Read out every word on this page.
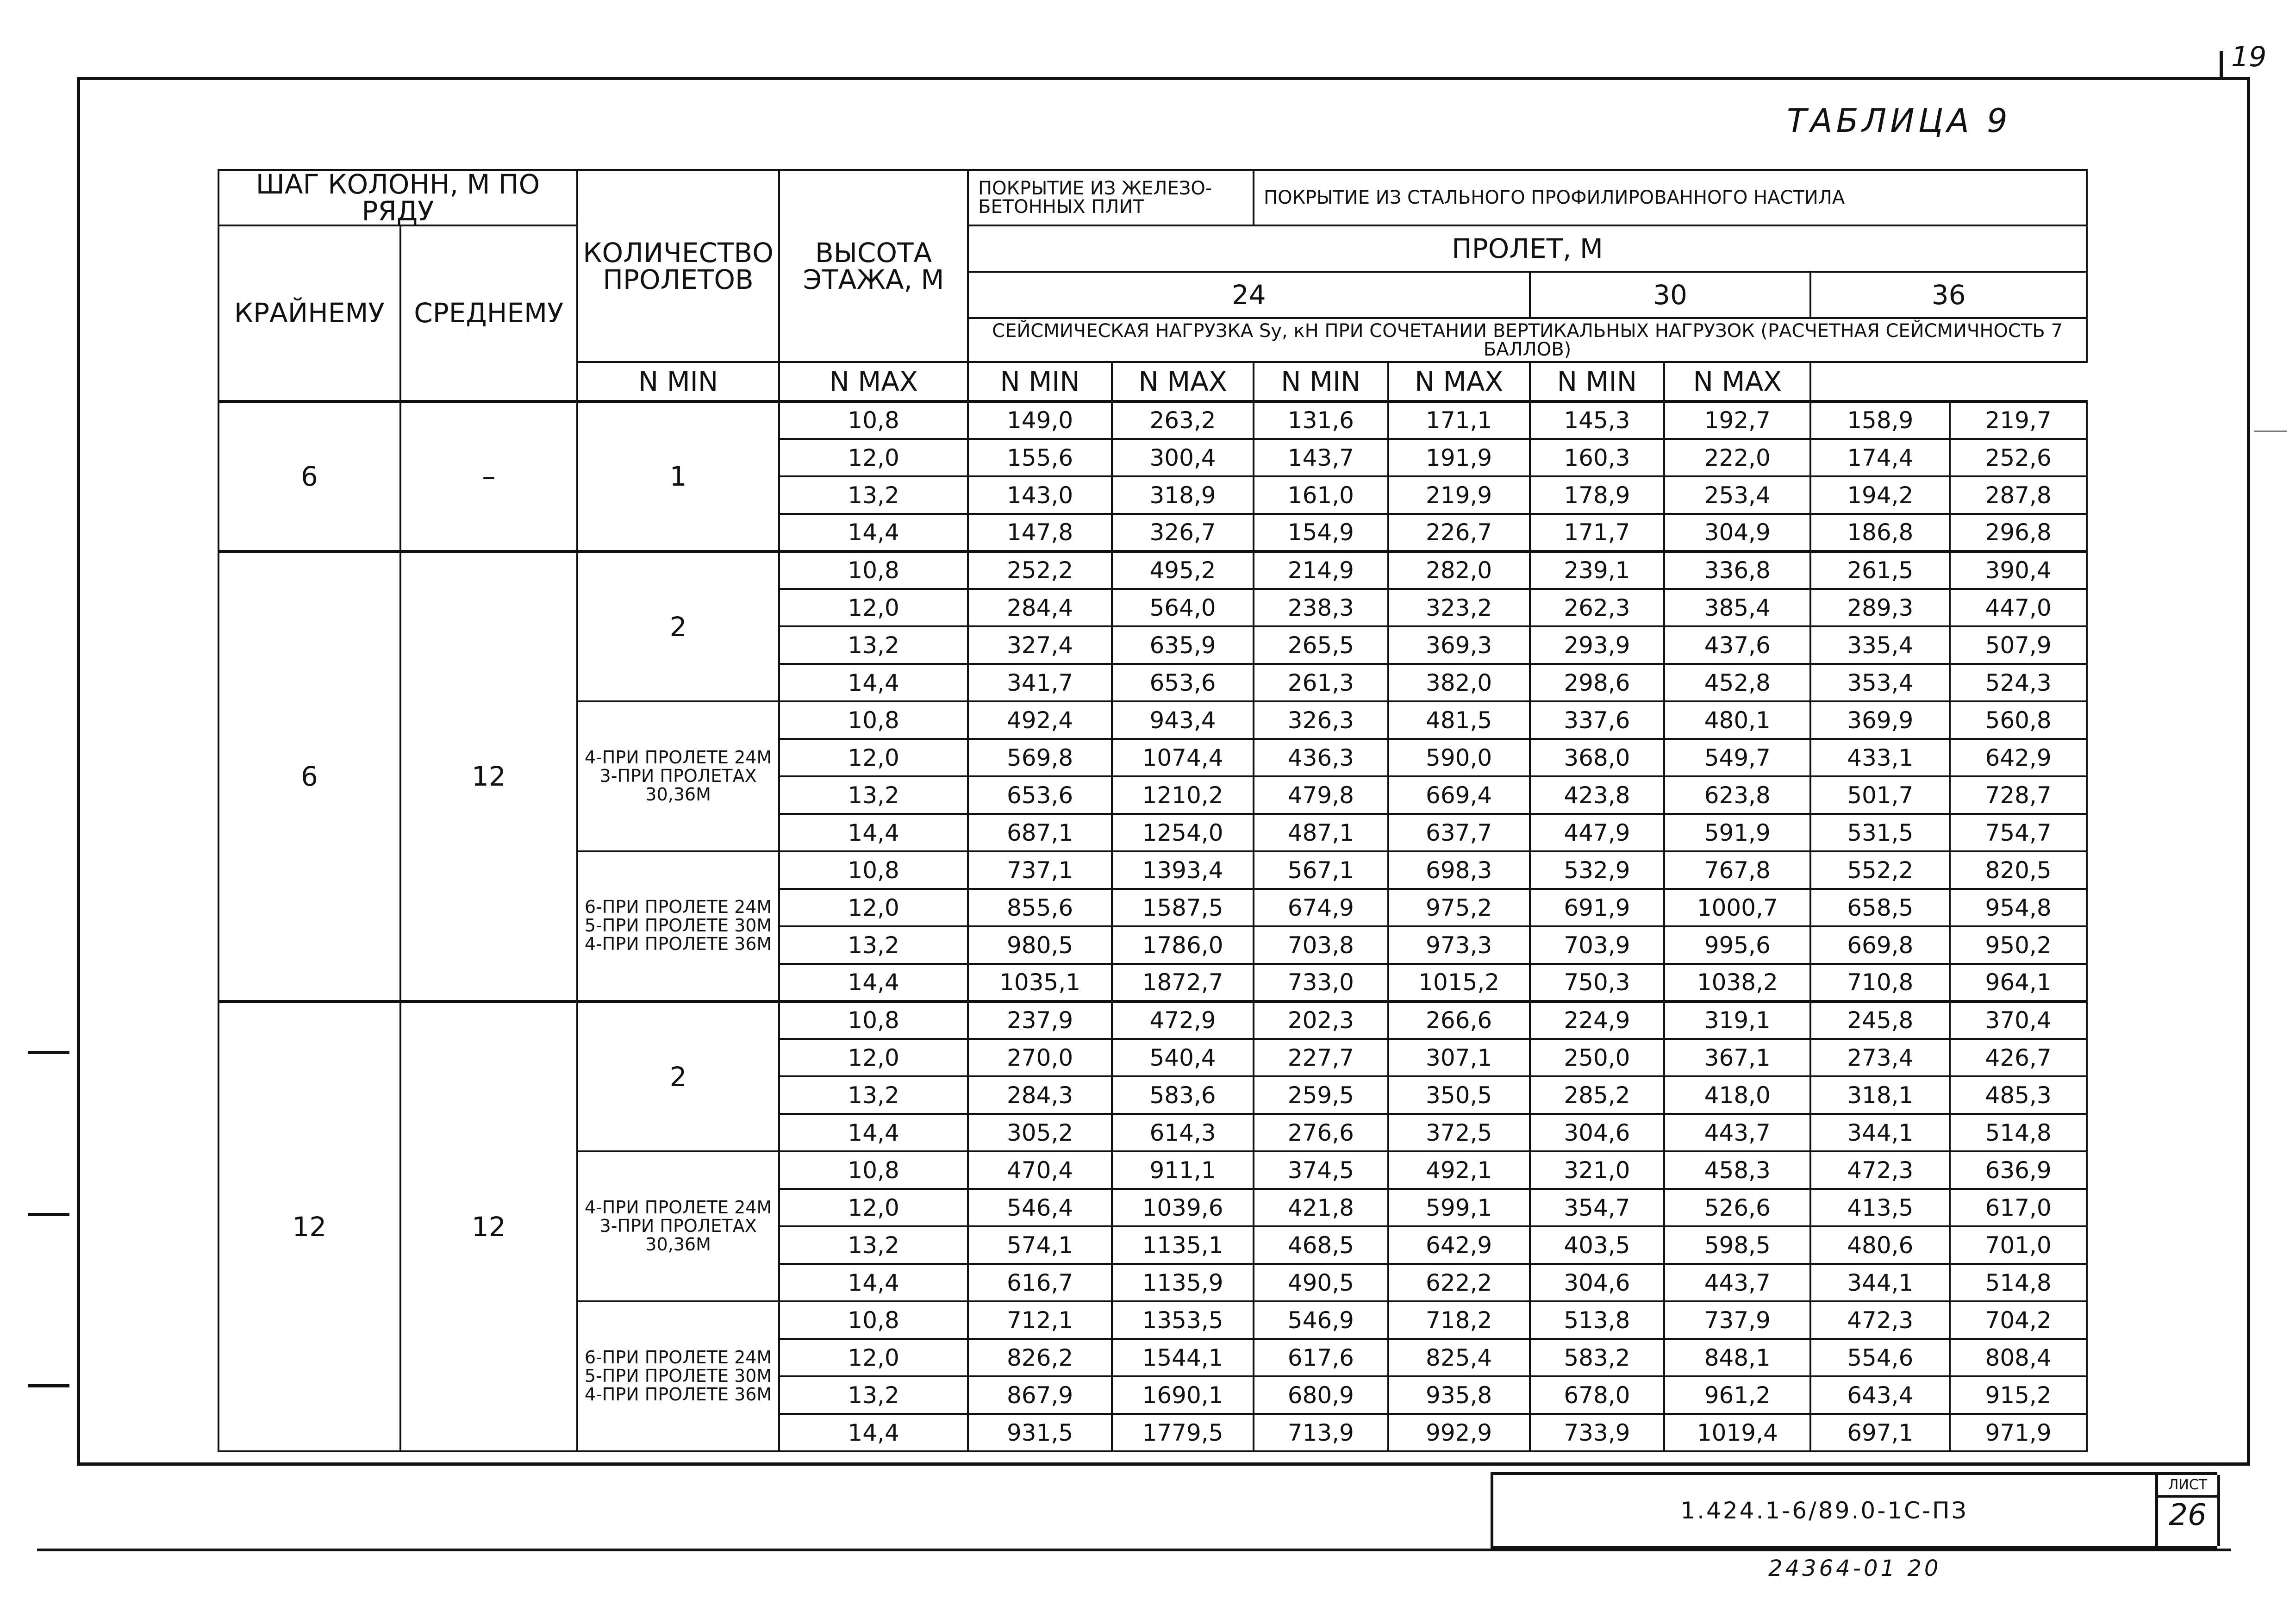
19
ТАБЛИЦА 9
ШАГ КОЛОНН, М ПО РЯДУ		КОЛИЧЕСТВО ПРОЛЕТОВ	ВЫСОТА ЭТАЖА, М	ПОКРЫТИЕ ИЗ ЖЕЛЕЗО-БЕТОННЫХ ПЛИТ		ПОКРЫТИЕ ИЗ СТАЛЬНОГО ПРОФИЛИРОВАННОГО НАСТИЛА					
КРАЙНЕМУ	СРЕДНЕМУ			ПРОЛЕТ, М							
				24				30		36	
				СЕЙСМИЧЕСКАЯ НАГРУЗКА Sy, кН ПРИ СОЧЕТАНИИ ВЕРТИКАЛЬНЫХ НАГРУЗОК (РАСЧЕТНАЯ СЕЙСМИЧНОСТЬ 7 БАЛЛОВ)							
		N MIN	N MAX	N MIN	N MAX	N MIN	N MAX	N MIN	N MAX		
6	–	1	10,8	149,0	263,2	131,6	171,1	145,3	192,7	158,9	219,7
			12,0	155,6	300,4	143,7	191,9	160,3	222,0	174,4	252,6
			13,2	143,0	318,9	161,0	219,9	178,9	253,4	194,2	287,8
			14,4	147,8	326,7	154,9	226,7	171,7	304,9	186,8	296,8
6	12	2	10,8	252,2	495,2	214,9	282,0	239,1	336,8	261,5	390,4
			12,0	284,4	564,0	238,3	323,2	262,3	385,4	289,3	447,0
			13,2	327,4	635,9	265,5	369,3	293,9	437,6	335,4	507,9
			14,4	341,7	653,6	261,3	382,0	298,6	452,8	353,4	524,3
		4-ПРИ ПРОЛЕТЕ 24М 3-ПРИ ПРОЛЕТАХ 30,36М	10,8	492,4	943,4	326,3	481,5	337,6	480,1	369,9	560,8
			12,0	569,8	1074,4	436,3	590,0	368,0	549,7	433,1	642,9
			13,2	653,6	1210,2	479,8	669,4	423,8	623,8	501,7	728,7
			14,4	687,1	1254,0	487,1	637,7	447,9	591,9	531,5	754,7
		6-ПРИ ПРОЛЕТЕ 24М 5-ПРИ ПРОЛЕТЕ 30М 4-ПРИ ПРОЛЕТЕ 36М	10,8	737,1	1393,4	567,1	698,3	532,9	767,8	552,2	820,5
			12,0	855,6	1587,5	674,9	975,2	691,9	1000,7	658,5	954,8
			13,2	980,5	1786,0	703,8	973,3	703,9	995,6	669,8	950,2
			14,4	1035,1	1872,7	733,0	1015,2	750,3	1038,2	710,8	964,1
12	12	2	10,8	237,9	472,9	202,3	266,6	224,9	319,1	245,8	370,4
			12,0	270,0	540,4	227,7	307,1	250,0	367,1	273,4	426,7
			13,2	284,3	583,6	259,5	350,5	285,2	418,0	318,1	485,3
			14,4	305,2	614,3	276,6	372,5	304,6	443,7	344,1	514,8
		4-ПРИ ПРОЛЕТЕ 24М 3-ПРИ ПРОЛЕТАХ 30,36М	10,8	470,4	911,1	374,5	492,1	321,0	458,3	472,3	636,9
			12,0	546,4	1039,6	421,8	599,1	354,7	526,6	413,5	617,0
			13,2	574,1	1135,1	468,5	642,9	403,5	598,5	480,6	701,0
			14,4	616,7	1135,9	490,5	622,2	304,6	443,7	344,1	514,8
		6-ПРИ ПРОЛЕТЕ 24М 5-ПРИ ПРОЛЕТЕ 30М 4-ПРИ ПРОЛЕТЕ 36М	10,8	712,1	1353,5	546,9	718,2	513,8	737,9	472,3	704,2
			12,0	826,2	1544,1	617,6	825,4	583,2	848,1	554,6	808,4
			13,2	867,9	1690,1	680,9	935,8	678,0	961,2	643,4	915,2
			14,4	931,5	1779,5	713,9	992,9	733,9	1019,4	697,1	971,9
1.424.1-6/89.0-1С-ПЗ
ЛИСТ
26
24364-01 20
